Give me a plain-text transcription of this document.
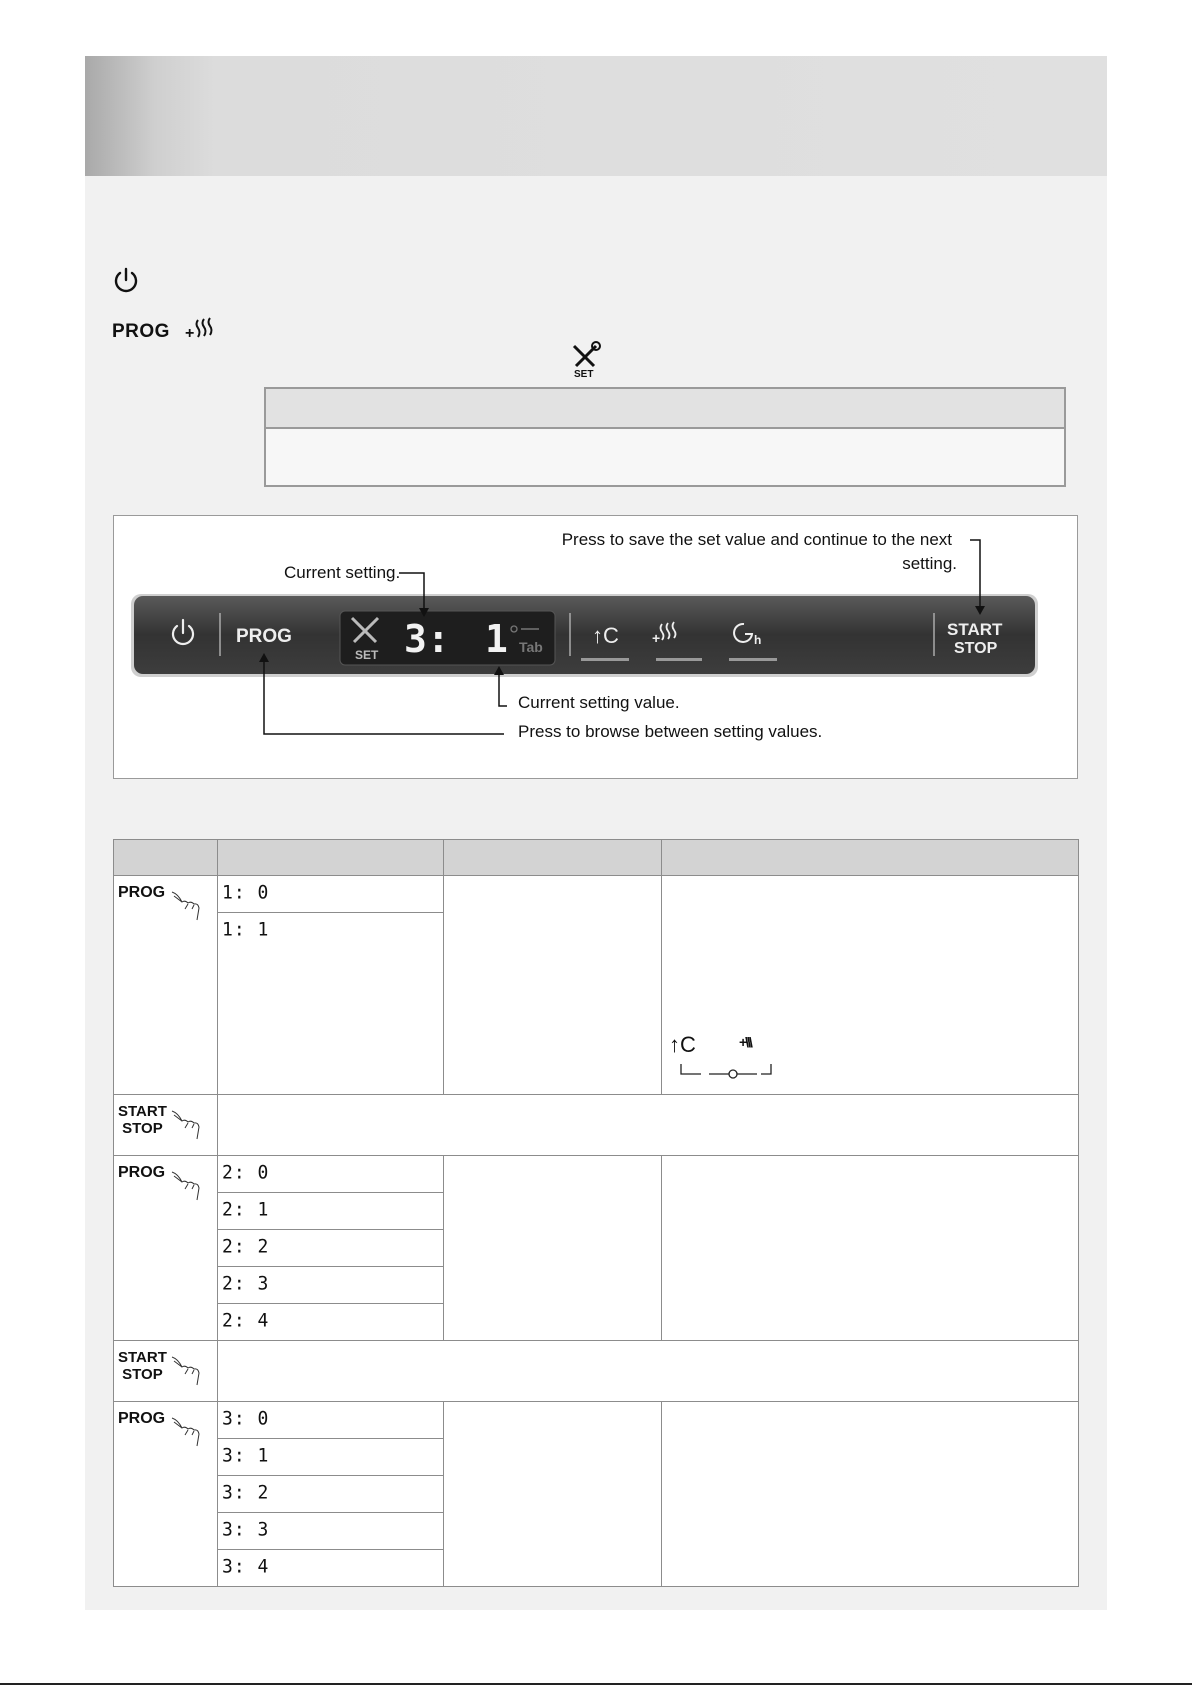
PROG +
SET
PROG
SET 3: 1 Tab ↑C +	h
START
STOP
Press to save the set value and continue to the next
setting.
Current setting.
Current setting value.
Press to browse between setting values.

PROG	1: 0		↑C +\\\

	1: 1		

START
STOP			

PROG	2: 0		

	2: 1		

	2: 2		

	2: 3		

	2: 4		

START
STOP			

PROG	3: 0		

	3: 1		

	3: 2		

	3: 3		

	3: 4		
